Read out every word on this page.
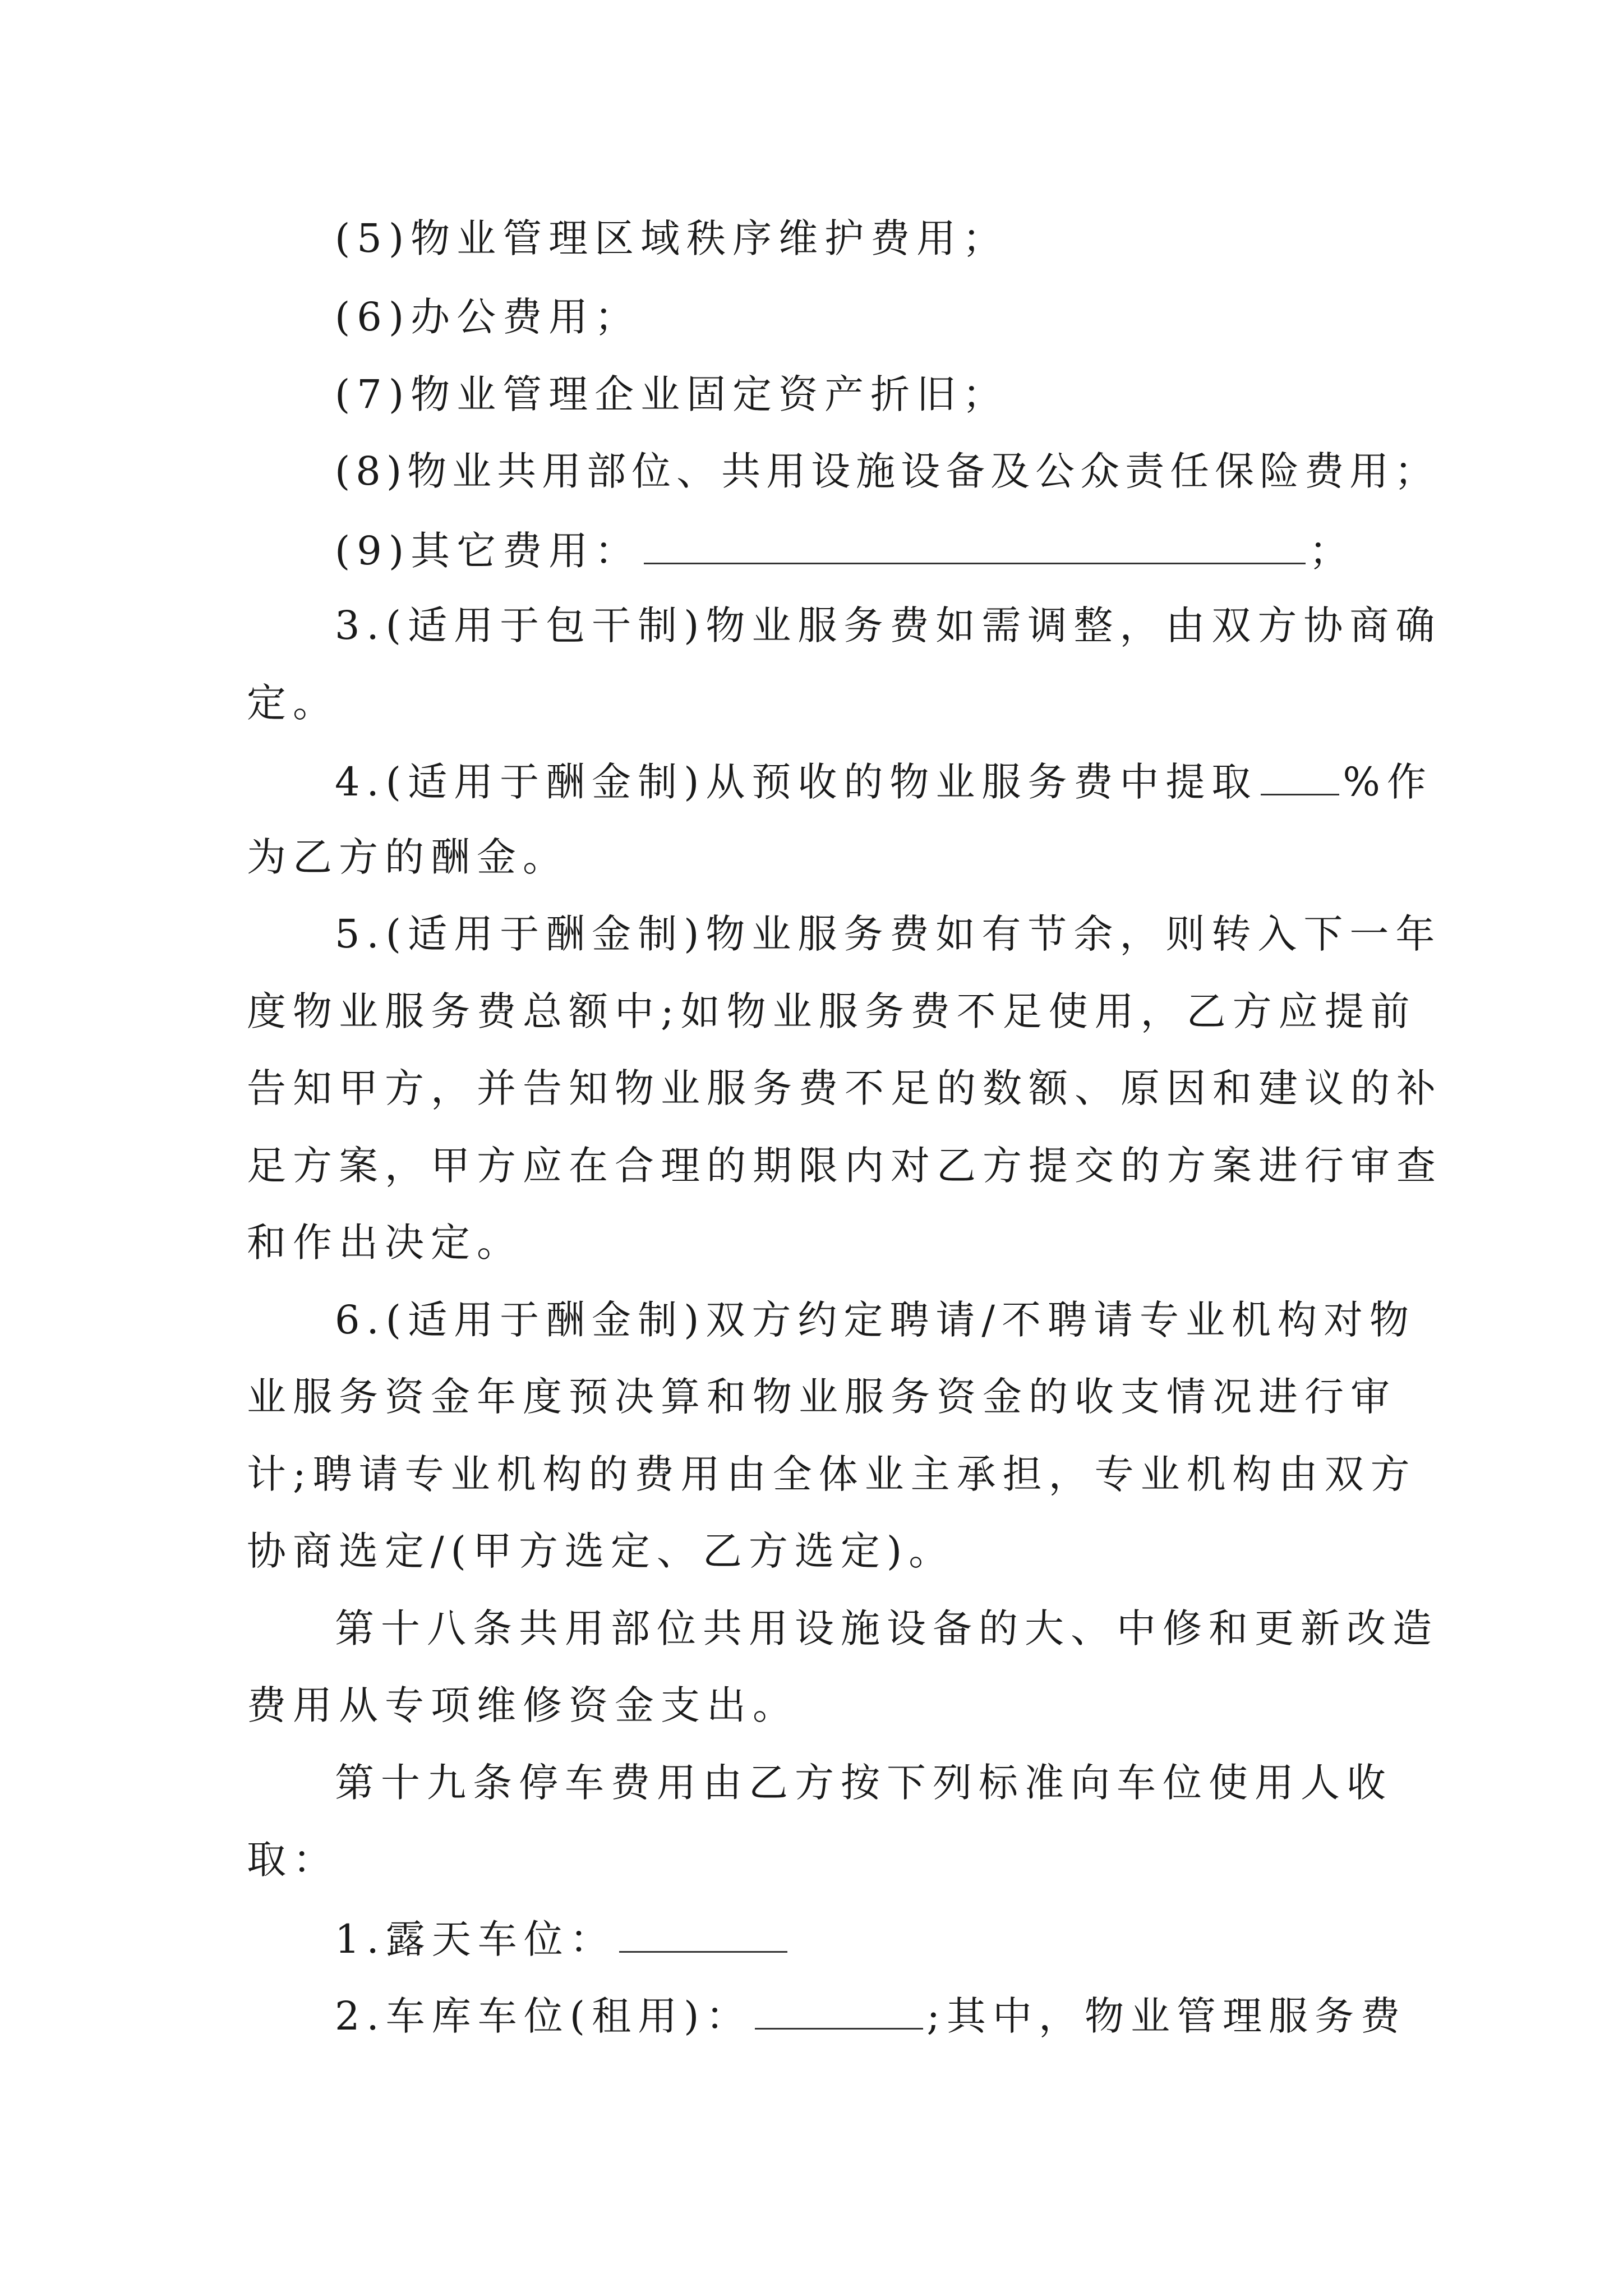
(5)物业管理区域秩序维护费用；
(6)办公费用；
(7)物业管理企业固定资产折旧；
(8)物业共用部位、共用设施设备及公众责任保险费用；
(9)其它费用：	；
3.(适用于包干制)物业服务费如需调整，由双方协商确
定。
4.(适用于酬金制)从预收的物业服务费中提取 %作
为乙方的酬金。
5.(适用于酬金制)物业服务费如有节余，则转入下一年
度物业服务费总额中;如物业服务费不足使用，乙方应提前
告知甲方，并告知物业服务费不足的数额、原因和建议的补
足方案，甲方应在合理的期限内对乙方提交的方案进行审查
和作出决定。
6.(适用于酬金制)双方约定聘请/不聘请专业机构对物
业服务资金年度预决算和物业服务资金的收支情况进行审
计;聘请专业机构的费用由全体业主承担，专业机构由双方
协商选定/(甲方选定、乙方选定)。
第十八条共用部位共用设施设备的大、中修和更新改造
费用从专项维修资金支出。
第十九条停车费用由乙方按下列标准向车位使用人收
取：
1.露天车位：
2.车库车位(租用)：	;其中，物业管理服务费
